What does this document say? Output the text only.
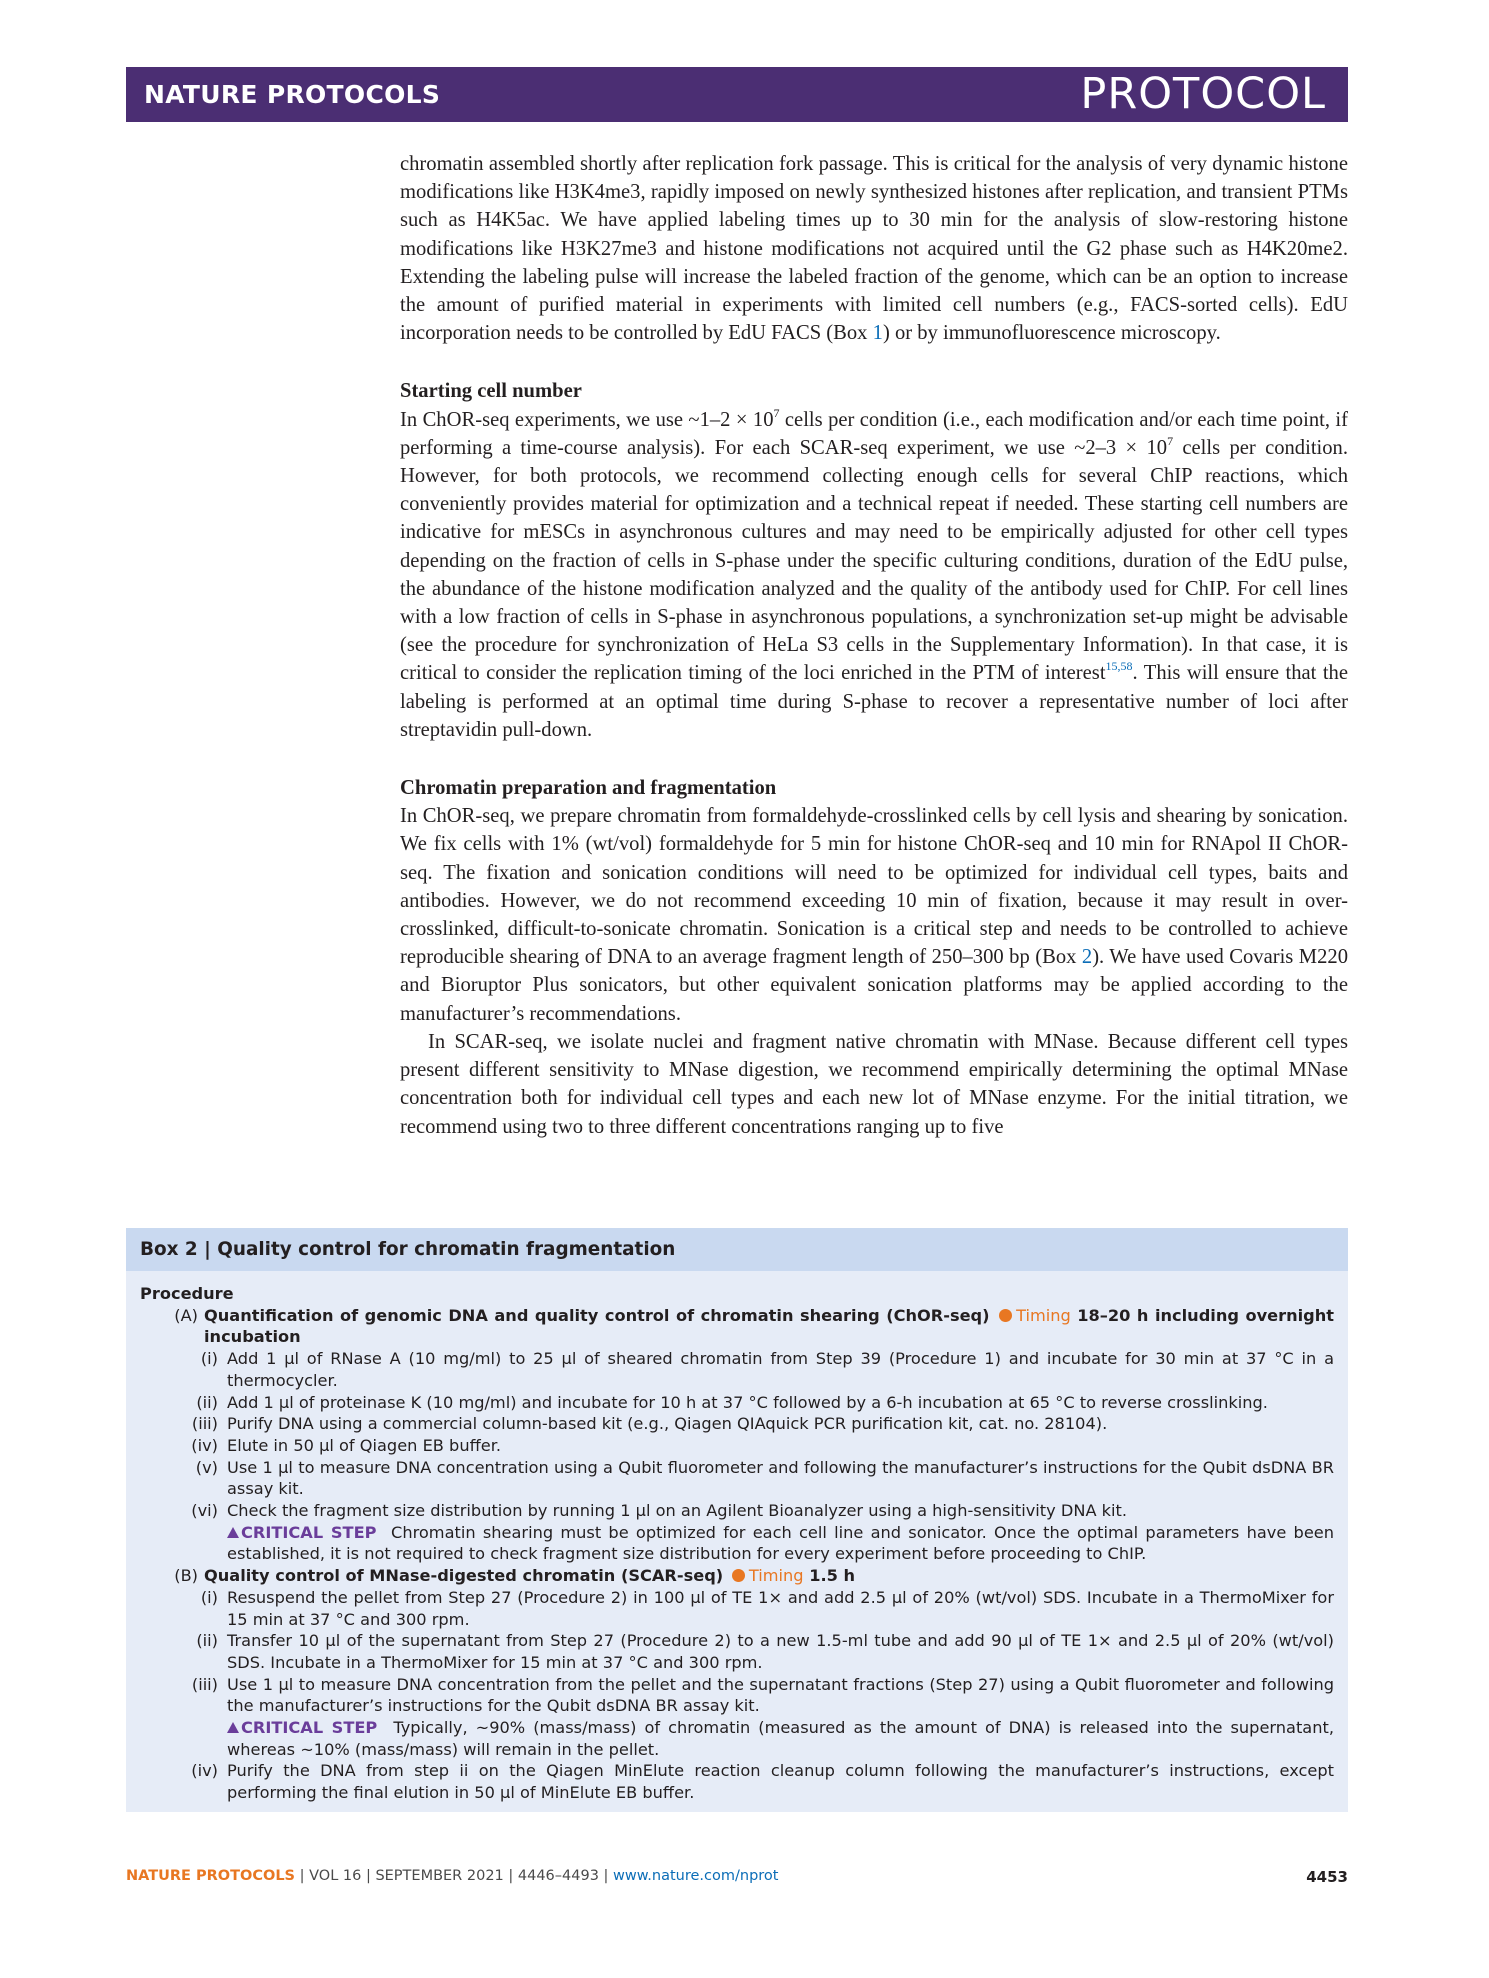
NATURE PROTOCOLS	PROTOCOL

chromatin assembled shortly after replication fork passage. This is critical for the analysis of very dynamic histone modifications like H3K4me3, rapidly imposed on newly synthesized histones after replication, and transient PTMs such as H4K5ac. We have applied labeling times up to 30 min for the analysis of slow-restoring histone modifications like H3K27me3 and histone modifications not acquired until the G2 phase such as H4K20me2. Extending the labeling pulse will increase the labeled fraction of the genome, which can be an option to increase the amount of purified material in experiments with limited cell numbers (e.g., FACS-sorted cells). EdU incorporation needs to be controlled by EdU FACS (Box 1) or by immunofluorescence microscopy.

Starting cell number

In ChOR-seq experiments, we use ~1–2 × $10^7$ cells per condition (i.e., each modification and/or each time point, if performing a time-course analysis). For each SCAR-seq experiment, we use ~2–3 × $10^7$ cells per condition. However, for both protocols, we recommend collecting enough cells for several ChIP reactions, which conveniently provides material for optimization and a technical repeat if needed. These starting cell numbers are indicative for mESCs in asynchronous cultures and may need to be empirically adjusted for other cell types depending on the fraction of cells in S-phase under the specific culturing conditions, duration of the EdU pulse, the abundance of the histone modification analyzed and the quality of the antibody used for ChIP. For cell lines with a low fraction of cells in S-phase in asynchronous populations, a synchronization set-up might be advisable (see the procedure for synchronization of HeLa S3 cells in the Supplementary Information). In that case, it is critical to consider the replication timing of the loci enriched in the PTM of interest$^{15,58}$. This will ensure that the labeling is performed at an optimal time during S-phase to recover a representative number of loci after streptavidin pull-down.

Chromatin preparation and fragmentation

In ChOR-seq, we prepare chromatin from formaldehyde-crosslinked cells by cell lysis and shearing by sonication. We fix cells with 1% (wt/vol) formaldehyde for 5 min for histone ChOR-seq and 10 min for RNApol II ChOR-seq. The fixation and sonication conditions will need to be optimized for individual cell types, baits and antibodies. However, we do not recommend exceeding 10 min of fixation, because it may result in over-crosslinked, difficult-to-sonicate chromatin. Sonication is a critical step and needs to be controlled to achieve reproducible shearing of DNA to an average fragment length of 250–300 bp (Box 2). We have used Covaris M220 and Bioruptor Plus sonicators, but other equivalent sonication platforms may be applied according to the manufacturer’s recommendations.

In SCAR-seq, we isolate nuclei and fragment native chromatin with MNase. Because different cell types present different sensitivity to MNase digestion, we recommend empirically determining the optimal MNase concentration both for individual cell types and each new lot of MNase enzyme. For the initial titration, we recommend using two to three different concentrations ranging up to five

Box 2 | Quality control for chromatin fragmentation
Procedure
(A) Quantification of genomic DNA and quality control of chromatin shearing (ChOR-seq) Timing 18–20 h including overnight incubation
(i) Add 1 µl of RNase A (10 mg/ml) to 25 µl of sheared chromatin from Step 39 (Procedure 1) and incubate for 30 min at 37 °C in a thermocycler.
(ii) Add 1 µl of proteinase K (10 mg/ml) and incubate for 10 h at 37 °C followed by a 6-h incubation at 65 °C to reverse crosslinking.
(iii) Purify DNA using a commercial column-based kit (e.g., Qiagen QIAquick PCR purification kit, cat. no. 28104).
(iv) Elute in 50 µl of Qiagen EB buffer.
(v) Use 1 µl to measure DNA concentration using a Qubit fluorometer and following the manufacturer’s instructions for the Qubit dsDNA BR assay kit.
(vi) Check the fragment size distribution by running 1 µl on an Agilent Bioanalyzer using a high-sensitivity DNA kit.
CRITICAL STEP Chromatin shearing must be optimized for each cell line and sonicator. Once the optimal parameters have been established, it is not required to check fragment size distribution for every experiment before proceeding to ChIP.
(B) Quality control of MNase-digested chromatin (SCAR-seq) Timing 1.5 h
(i) Resuspend the pellet from Step 27 (Procedure 2) in 100 µl of TE 1× and add 2.5 µl of 20% (wt/vol) SDS. Incubate in a ThermoMixer for 15 min at 37 °C and 300 rpm.
(ii) Transfer 10 µl of the supernatant from Step 27 (Procedure 2) to a new 1.5-ml tube and add 90 µl of TE 1× and 2.5 µl of 20% (wt/vol) SDS. Incubate in a ThermoMixer for 15 min at 37 °C and 300 rpm.
(iii) Use 1 µl to measure DNA concentration from the pellet and the supernatant fractions (Step 27) using a Qubit fluorometer and following the manufacturer’s instructions for the Qubit dsDNA BR assay kit.
CRITICAL STEP Typically, ~90% (mass/mass) of chromatin (measured as the amount of DNA) is released into the supernatant, whereas ~10% (mass/mass) will remain in the pellet.
(iv) Purify the DNA from step ii on the Qiagen MinElute reaction cleanup column following the manufacturer’s instructions, except performing the final elution in 50 µl of MinElute EB buffer.
NATURE PROTOCOLS | VOL 16 | SEPTEMBER 2021 | 4446–4493 | www.nature.com/nprot	4453
